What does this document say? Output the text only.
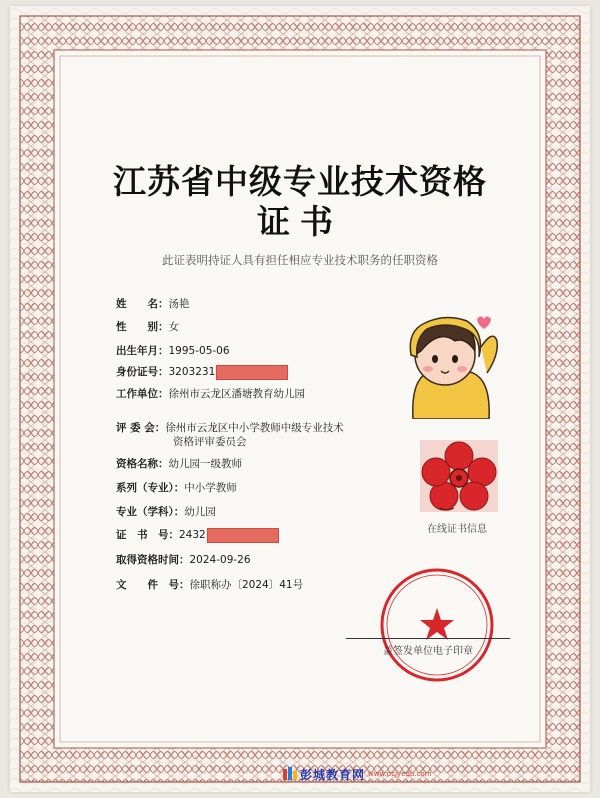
江苏省中级专业技术资格
证书
此证表明持证人具有担任相应专业技术职务的任职资格
姓　　名：汤艳
性　　别：女
出生年月：1995-05-06
身份证号：3203231
工作单位：徐州市云龙区潘塘教育幼儿园
评 委 会：徐州市云龙区中小学教师中级专业技术
资格评审委员会
资格名称：幼儿园一级教师
系列（专业）：中小学教师
专业（学科）：幼儿园
证　书　号：2432
取得资格时间：2024-09-26
文　　件　号：徐职称办〔2024〕41号
在线证书信息
盖签发单位电子印章
彭城教育网 www.pcjyedu.com
